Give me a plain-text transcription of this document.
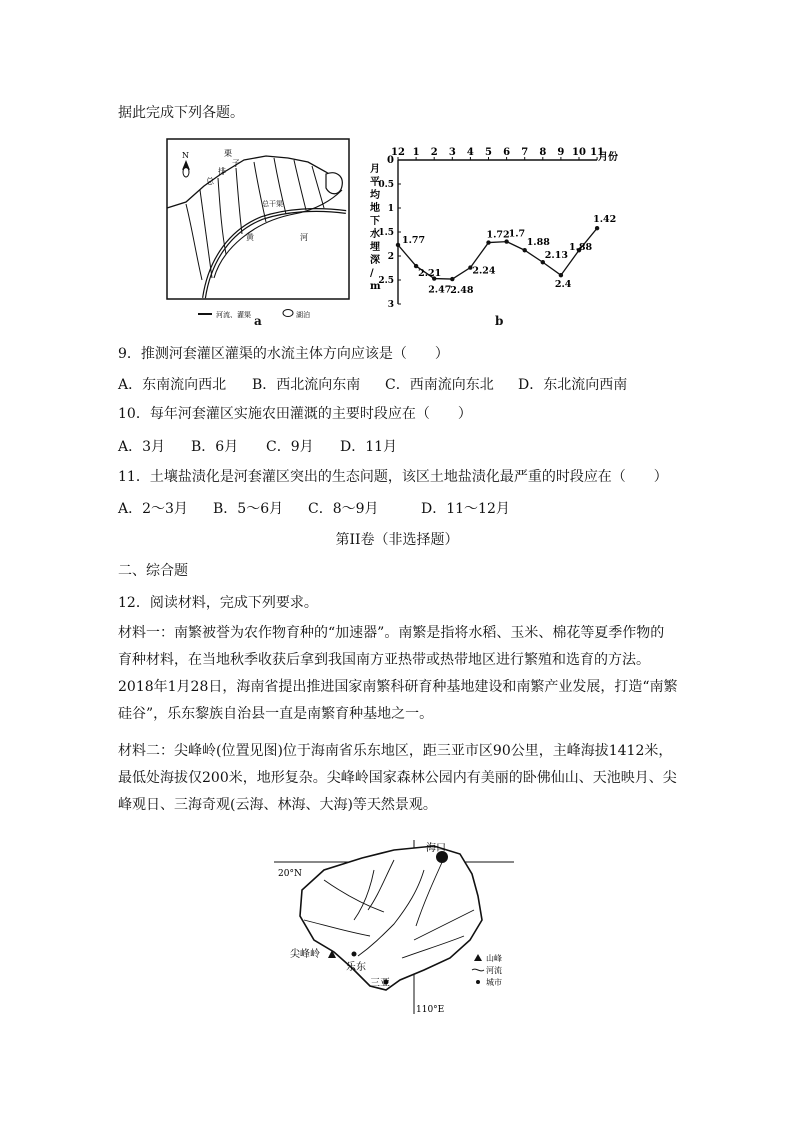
据此完成下列各题。
N	栗
子
排
总
总干渠
黄	河
河流、灌渠	湖泊
a
月
平
均
地
下
水
埋
深
/
m
12 1 2 3 4 5 6 7 8 9 10 11
0.5
1
1.5
2
2.5
3
0
1.77
2.21
2.47
2.48
2.24
1.72
1.7
1.88
2.13
2.4
1.88
1.42
月份
b
9．推测河套灌区灌渠的水流主体方向应该是（　　）
A．东南流向西北 B．西北流向东南 C．西南流向东北 D．东北流向西南
10．每年河套灌区实施农田灌溉的主要时段应在（　　）
A．3月 B．6月 C．9月 D．11月
11．土壤盐渍化是河套灌区突出的生态问题，该区土地盐渍化最严重的时段应在（　　）
A．2～3月 B．5～6月 C．8～9月	D．11～12月
第II卷（非选择题）
二、综合题
12．阅读材料，完成下列要求。
材料一：南繁被誉为农作物育种的“加速器”。南繁是指将水稻、玉米、棉花等夏季作物的育种材料，在当地秋季收获后拿到我国南方亚热带或热带地区进行繁殖和选育的方法。2018年1月28日，海南省提出推进国家南繁科研育种基地建设和南繁产业发展，打造“南繁硅谷”，乐东黎族自治县一直是南繁育种基地之一。
材料二：尖峰岭(位置见图)位于海南省乐东地区，距三亚市区90公里，主峰海拔1412米，最低处海拔仅200米，地形复杂。尖峰岭国家森林公园内有美丽的卧佛仙山、天池映月、尖峰观日、三海奇观(云海、林海、大海)等天然景观。
20°N
110°E
海口
尖峰岭
乐东
三亚
山峰
河流
城市
